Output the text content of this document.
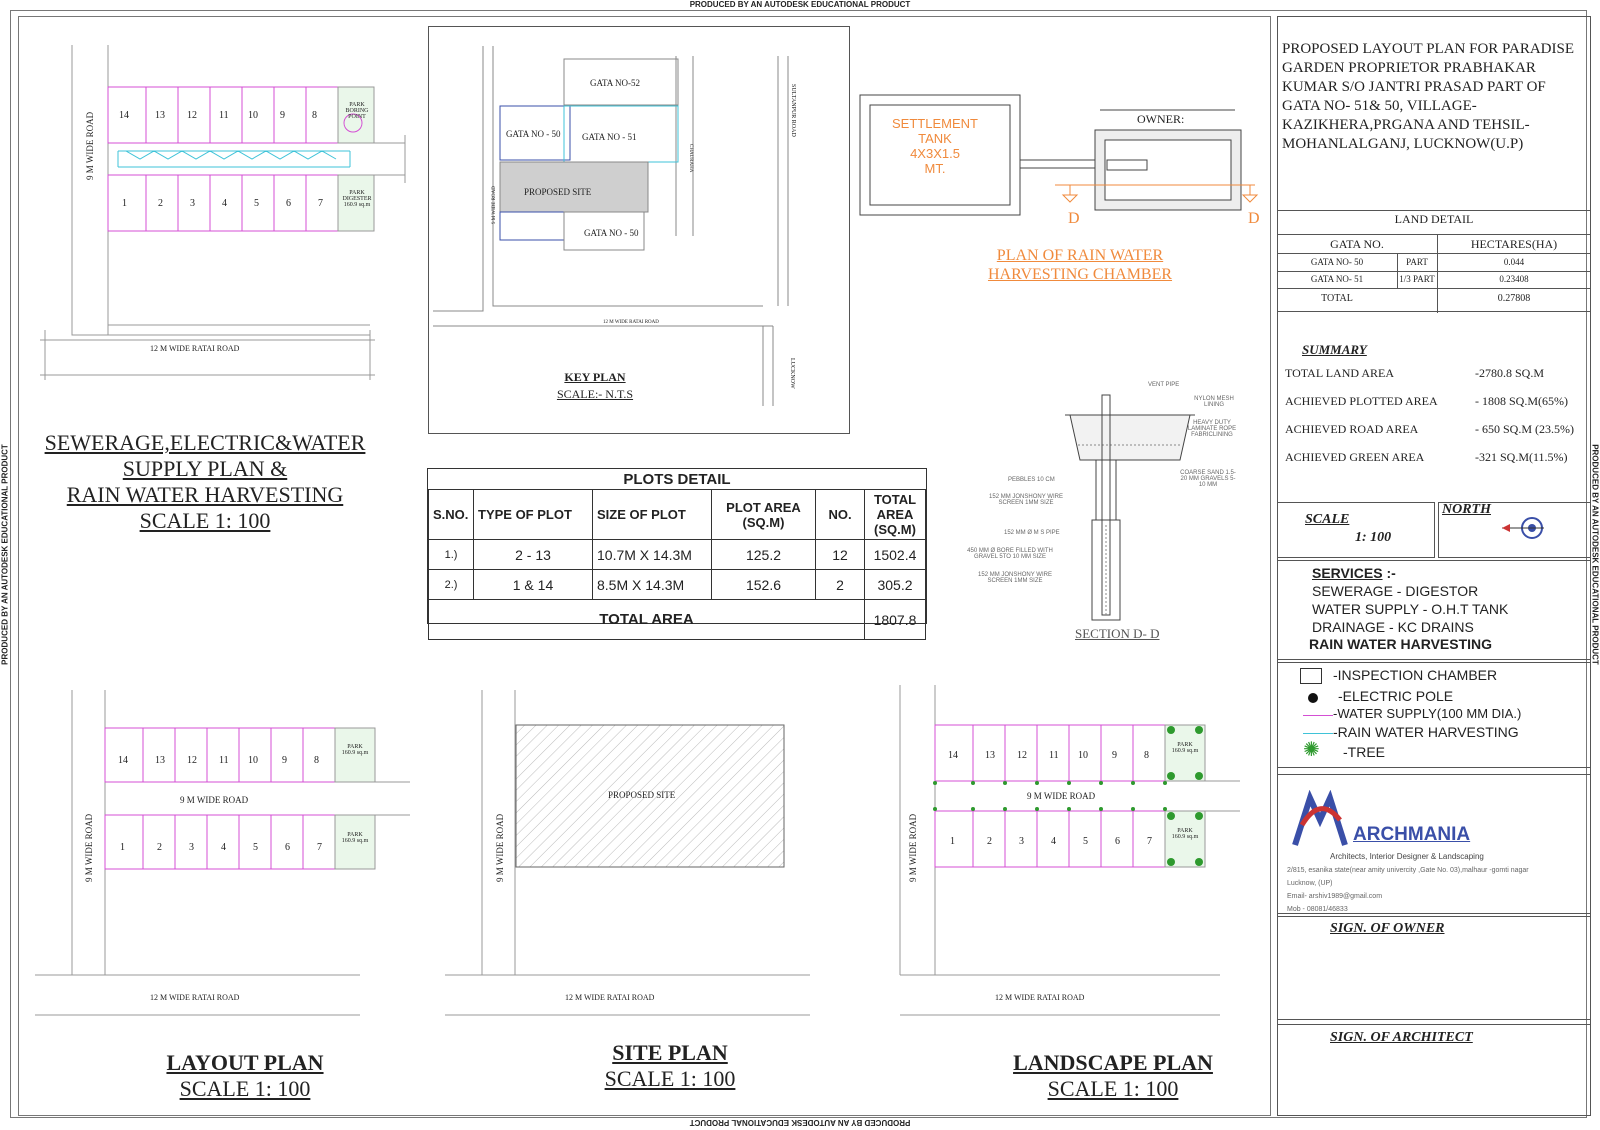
PRODUCED BY AN AUTODESK EDUCATIONAL PRODUCT
PRODUCED BY AN AUTODESK EDUCATIONAL PRODUCT
PRODUCED BY AN AUTODESK EDUCATIONAL PRODUCT	PRODUCED BY AN AUTODESK EDUCATIONAL PRODUCT
9 M WIDE ROAD
12 M WIDE RATAI ROAD
14	13 12 11 10 9	8
1	2	3	4	5	6	7
PARK
BORING POINT
PARK
DIGESTER
160.9 sq.m
SEWERAGE,ELECTRIC&WATER
SUPPLY PLAN &
RAIN WATER HARVESTING
SCALE 1: 100
GATA NO-52
GATA NO - 50 GATA NO - 51
PROPOSED SITE
GATA NO - 50
9 M WIDE ROAD
12 M WIDE RATAI ROAD
SULTANPUR ROAD
CHAURAHA
LUCKNOW
KEY PLAN
SCALE:- N.T.S
SETTLEMENT
TANK
4X3X1.5
MT.
OWNER:
D	D
PLAN OF RAIN WATER
HARVESTING CHAMBER
VENT PIPE
NYLON MESH LINING
HEAVY DUTY LAMINATE ROPE FABRICLINING
PEBBLES 10 CM
152 MM JONSHONY WIRE SCREEN 1MM SIZE
COARSE SAND 1.5-20 MM GRAVELS 5-10 MM
152 MM Ø M S PIPE
450 MM Ø BORE FILLED WITH GRAVEL 5TO 10 MM SIZE
152 MM JONSHONY WIRE SCREEN 1MM SIZE
SECTION D- D
PLOTS DETAIL
S.NO.	TYPE OF PLOT	SIZE OF PLOT	PLOT AREA (SQ.M)	NO.	TOTAL AREA (SQ.M)
1.)	2 - 13	10.7M X 14.3M	125.2	12	1502.4
2.)	1 & 14	8.5M X 14.3M	152.6	2	305.2
TOTAL AREA					1807.8
14	13 12 11 10 9	8
1	2	3	4	5	6	7
PARK
160.9 sq.m
PARK
160.9 sq.m
9 M WIDE ROAD
9 M WIDE ROAD
12 M WIDE RATAI ROAD
LAYOUT PLAN
SCALE 1: 100
PROPOSED SITE
9 M WIDE ROAD
12 M WIDE RATAI ROAD
SITE PLAN
SCALE 1: 100
14	13 12 11 10 9	8
1	2	3	4	5	6	7
PARK
160.9 sq.m
PARK
160.9 sq.m
9 M WIDE ROAD
9 M WIDE ROAD
12 M WIDE RATAI ROAD
LANDSCAPE PLAN
SCALE 1: 100
PROPOSED LAYOUT PLAN FOR PARADISE GARDEN PROPRIETOR PRABHAKAR KUMAR S/O JANTRI PRASAD PART OF GATA NO- 51& 50, VILLAGE- KAZIKHERA,PRGANA AND TEHSIL-MOHANLALGANJ, LUCKNOW(U.P)
LAND DETAIL
GATA NO.	HECTARES(HA)
GATA NO- 50	PART	0.044
GATA NO- 51	1/3 PART	0.23408
TOTAL	0.27808
SUMMARY
TOTAL LAND AREA	-2780.8 SQ.M
ACHIEVED PLOTTED AREA	- 1808 SQ.M(65%)
ACHIEVED ROAD AREA	- 650 SQ.M (23.5%)
ACHIEVED GREEN AREA	-321 SQ.M(11.5%)
SCALE
1: 100
NORTH
SERVICES :-
SEWERAGE - DIGESTOR
WATER SUPPLY - O.H.T TANK
DRAINAGE - KC DRAINS
RAIN WATER HARVESTING
-INSPECTION CHAMBER
-ELECTRIC POLE
-WATER SUPPLY(100 MM DIA.)
-RAIN WATER HARVESTING
✺ -TREE
ARCHMANIA
Architects, Interior Designer & Landscaping
2/815, esanika state(near amity univercity ,Gate No. 03),malhaur -gomti nagar
Lucknow, (UP)
Email- arshiv1989@gmail.com
Mob - 08081/46833
SIGN. OF OWNER
SIGN. OF ARCHITECT
